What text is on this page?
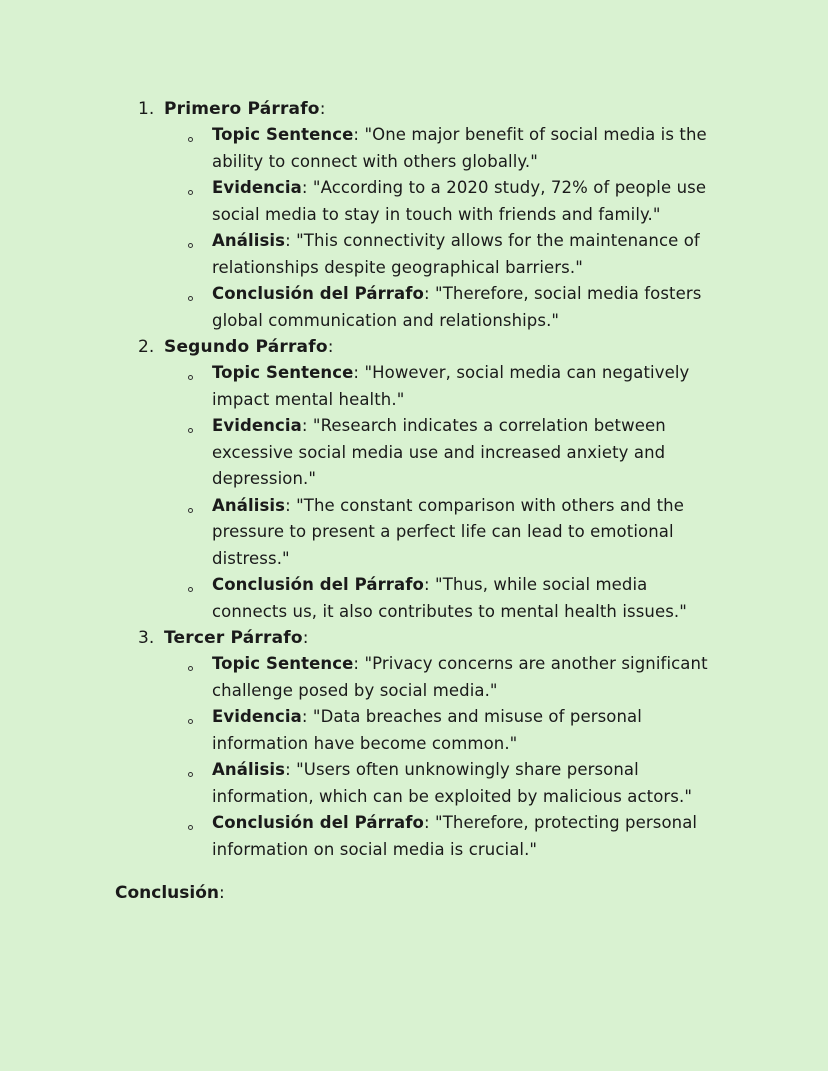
1. Primero Párrafo :
Topic Sentence: "One major benefit of social media is the ability to connect with others globally."
Evidencia: "According to a 2020 study, 72% of people use social media to stay in touch with friends and family."
Análisis: "This connectivity allows for the maintenance of relationships despite geographical barriers."
Conclusión del Párrafo: "Therefore, social media fosters global communication and relationships."
2. Segundo Párrafo :
Topic Sentence: "However, social media can negatively impact mental health."
Evidencia: "Research indicates a correlation between excessive social media use and increased anxiety and depression."
Análisis: "The constant comparison with others and the pressure to present a perfect life can lead to emotional distress."
Conclusión del Párrafo: "Thus, while social media connects us, it also contributes to mental health issues."
3. Tercer Párrafo :
Topic Sentence: "Privacy concerns are another significant challenge posed by social media."
Evidencia: "Data breaches and misuse of personal information have become common."
Análisis: "Users often unknowingly share personal information, which can be exploited by malicious actors."
Conclusión del Párrafo: "Therefore, protecting personal information on social media is crucial."
Conclusión:
